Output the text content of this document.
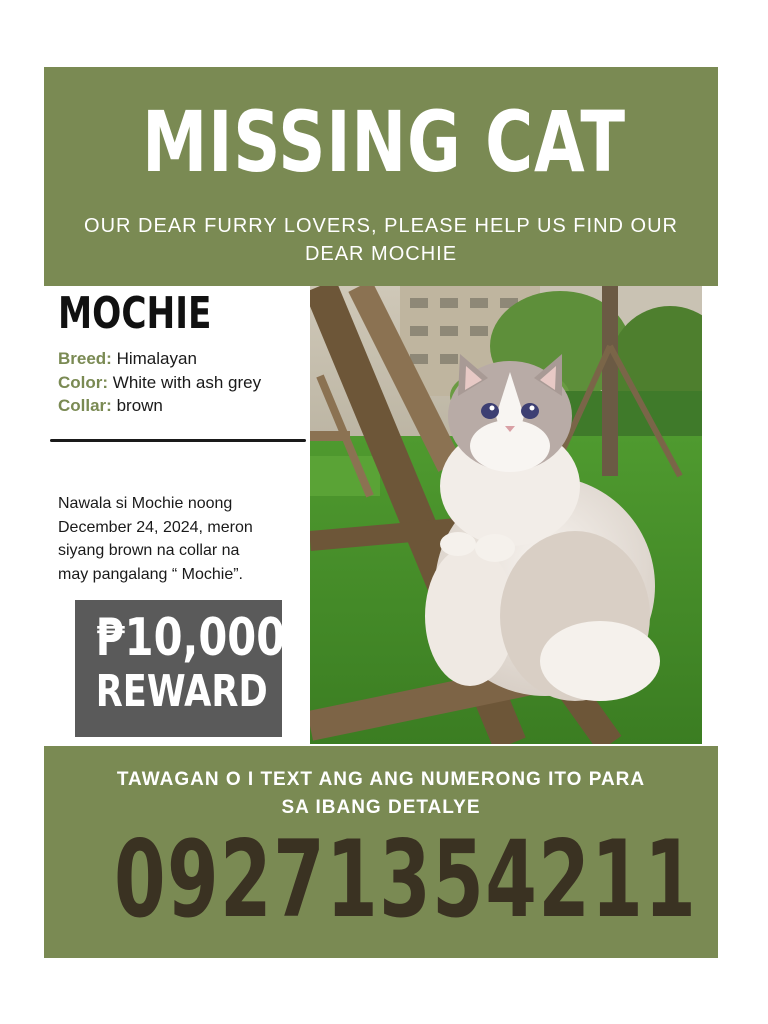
MISSING CAT
OUR DEAR FURRY LOVERS, PLEASE HELP US FIND OUR
DEAR MOCHIE
MOCHIE
Breed: Himalayan
Color: White with ash grey
Collar: brown
Nawala si Mochie noong
December 24, 2024, meron
siyang brown na collar na
may pangalang “ Mochie”.
₱10,000
REWARD
TAWAGAN O I TEXT ANG ANG NUMERONG ITO PARA
SA IBANG DETALYE
09271354211
